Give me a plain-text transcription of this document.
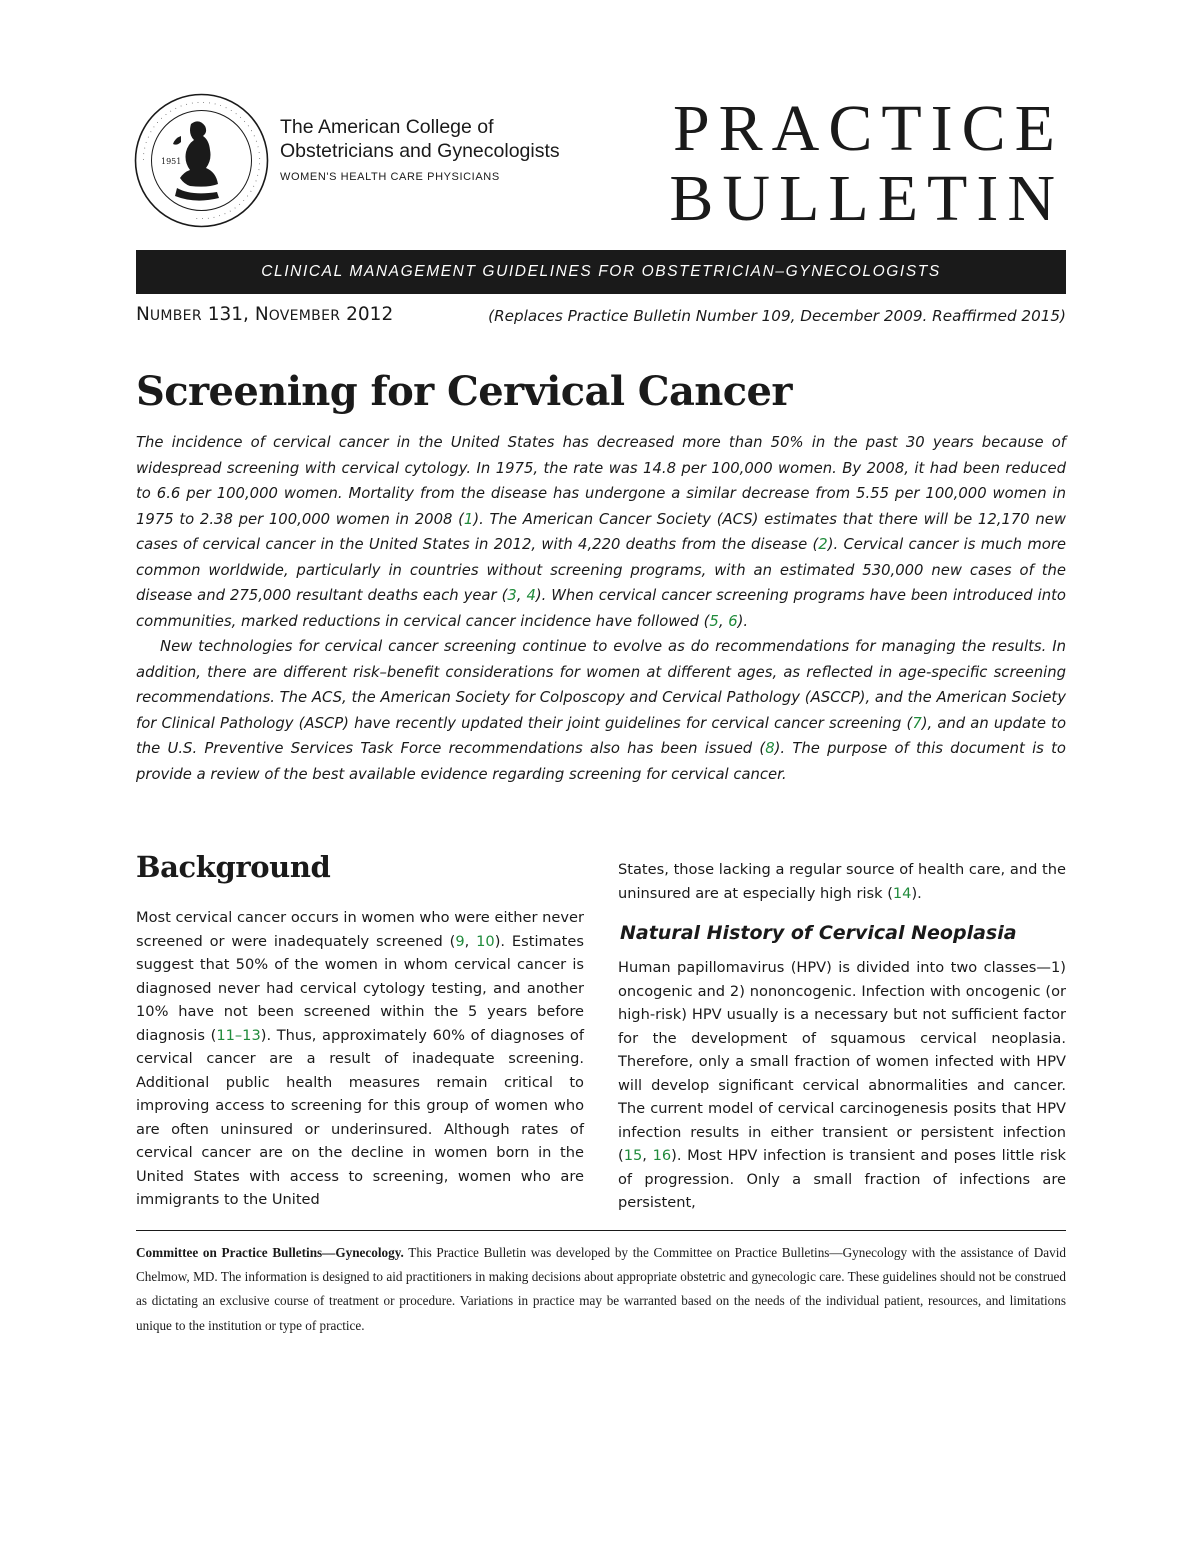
· · · · · · · · · · · · · · · · · · · · · · · · · · · · · · · · · · · · · · · · · · · · · · · · ·
1951
The American College of
Obstetricians and Gynecologists
WOMEN'S HEALTH CARE PHYSICIANS
PRACTICE
BULLETIN
CLINICAL MANAGEMENT GUIDELINES FOR OBSTETRICIAN–GYNECOLOGISTS
NUMBER 131, NOVEMBER 2012	(Replaces Practice Bulletin Number 109, December 2009. Reaffirmed 2015)
Screening for Cervical Cancer

The incidence of cervical cancer in the United States has decreased more than 50% in the past 30 years because of widespread screening with cervical cytology. In 1975, the rate was 14.8 per 100,000 women. By 2008, it had been reduced to 6.6 per 100,000 women. Mortality from the disease has undergone a similar decrease from 5.55 per 100,000 women in 1975 to 2.38 per 100,000 women in 2008 (1). The American Cancer Society (ACS) estimates that there will be 12,170 new cases of cervical cancer in the United States in 2012, with 4,220 deaths from the disease (2). Cervical cancer is much more common worldwide, particularly in countries without screening programs, with an estimated 530,000 new cases of the disease and 275,000 resultant deaths each year (3, 4). When cervical cancer screening programs have been introduced into communities, marked reductions in cervical cancer incidence have followed (5, 6).

New technologies for cervical cancer screening continue to evolve as do recommendations for managing the results. In addition, there are different risk–benefit considerations for women at different ages, as reflected in age-specific screening recommendations. The ACS, the American Society for Colposcopy and Cervical Pathology (ASCCP), and the American Society for Clinical Pathology (ASCP) have recently updated their joint guidelines for cervical cancer screening (7), and an update to the U.S. Preventive Services Task Force recommendations also has been issued (8). The purpose of this document is to provide a review of the best available evidence regarding screening for cervical cancer.

Background

Most cervical cancer occurs in women who were either never screened or were inadequately screened (9, 10). Estimates suggest that 50% of the women in whom cervical cancer is diagnosed never had cervical cytology testing, and another 10% have not been screened within the 5 years before diagnosis (11–13). Thus, approximately 60% of diagnoses of cervical cancer are a result of inadequate screening. Additional public health measures remain critical to improving access to screening for this group of women who are often uninsured or underinsured. Although rates of cervical cancer are on the decline in women born in the United States with access to screening, women who are immigrants to the United

States, those lacking a regular source of health care, and the uninsured are at especially high risk (14).

Natural History of Cervical Neoplasia

Human papillomavirus (HPV) is divided into two classes—1) oncogenic and 2) nononcogenic. Infection with oncogenic (or high-risk) HPV usually is a necessary but not sufficient factor for the development of squamous cervical neoplasia. Therefore, only a small fraction of women infected with HPV will develop significant cervical abnormalities and cancer. The current model of cervical carcinogenesis posits that HPV infection results in either transient or persistent infection (15, 16). Most HPV infection is transient and poses little risk of progression. Only a small fraction of infections are persistent,

Committee on Practice Bulletins—Gynecology. This Practice Bulletin was developed by the Committee on Practice Bulletins—Gynecology with the assistance of David Chelmow, MD. The information is designed to aid practitioners in making decisions about appropriate obstetric and gynecologic care. These guidelines should not be construed as dictating an exclusive course of treatment or procedure. Variations in practice may be warranted based on the needs of the individual patient, resources, and limitations unique to the institution or type of practice.
